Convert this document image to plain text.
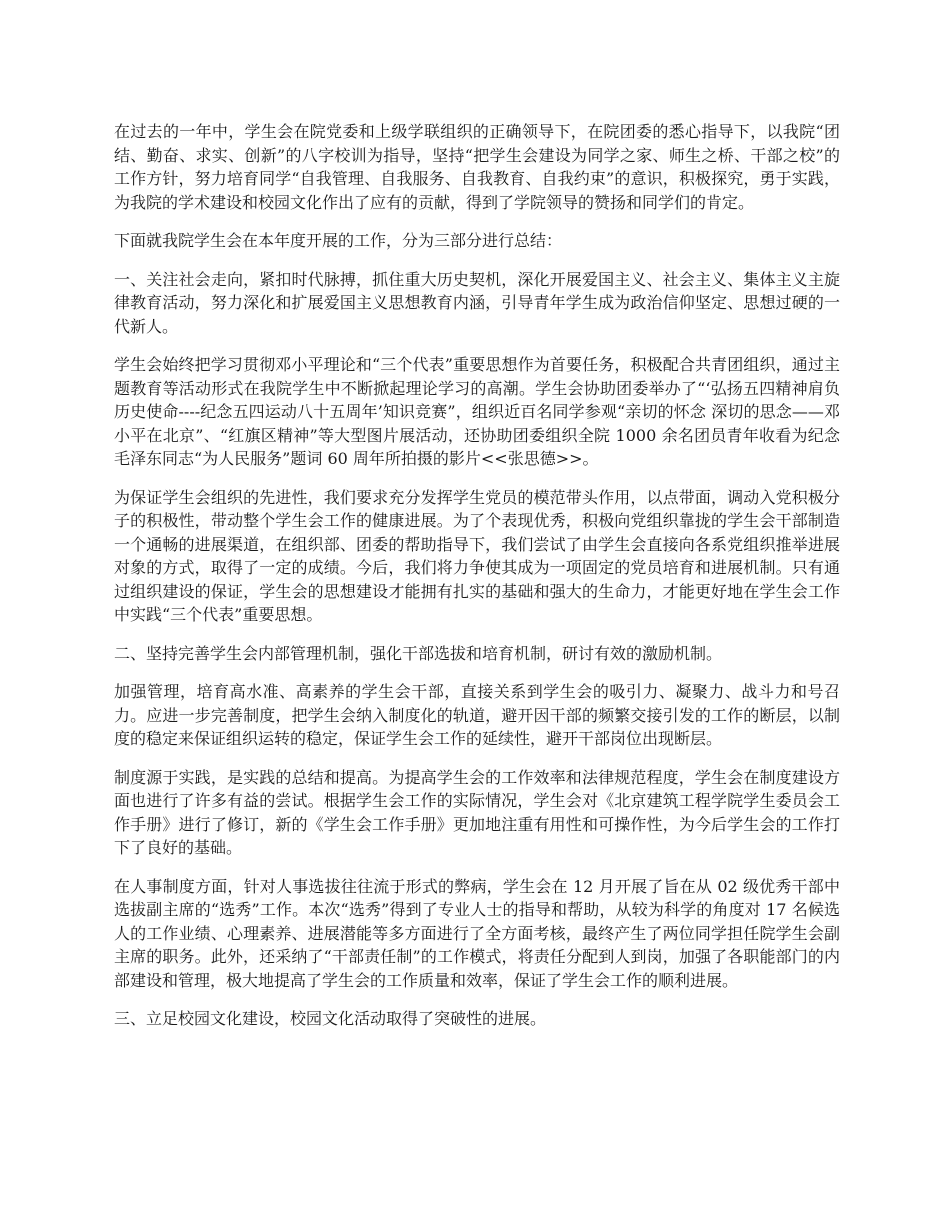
在过去的一年中，学生会在院党委和上级学联组织的正确领导下，在院团委的悉心指导下，以我院“团结、勤奋、求实、创新”的八字校训为指导，坚持“把学生会建设为同学之家、师生之桥、干部之校”的工作方针，努力培育同学“自我管理、自我服务、自我教育、自我约束”的意识，积极探究，勇于实践，为我院的学术建设和校园文化作出了应有的贡献，得到了学院领导的赞扬和同学们的肯定。

下面就我院学生会在本年度开展的工作，分为三部分进行总结：

一、关注社会走向，紧扣时代脉搏，抓住重大历史契机，深化开展爱国主义、社会主义、集体主义主旋律教育活动，努力深化和扩展爱国主义思想教育内涵，引导青年学生成为政治信仰坚定、思想过硬的一代新人。

学生会始终把学习贯彻邓小平理论和“三个代表”重要思想作为首要任务，积极配合共青团组织，通过主题教育等活动形式在我院学生中不断掀起理论学习的高潮。学生会协助团委举办了“‘弘扬五四精神肩负历史使命----纪念五四运动八十五周年’知识竞赛”，组织近百名同学参观“亲切的怀念 深切的思念——邓小平在北京”、“红旗区精神”等大型图片展活动，还协助团委组织全院 1000 余名团员青年收看为纪念毛泽东同志“为人民服务”题词 60 周年所拍摄的影片<<张思德>>。

为保证学生会组织的先进性，我们要求充分发挥学生党员的模范带头作用，以点带面，调动入党积极分子的积极性，带动整个学生会工作的健康进展。为了个表现优秀，积极向党组织靠拢的学生会干部制造一个通畅的进展渠道，在组织部、团委的帮助指导下，我们尝试了由学生会直接向各系党组织推举进展对象的方式，取得了一定的成绩。今后，我们将力争使其成为一项固定的党员培育和进展机制。只有通过组织建设的保证，学生会的思想建设才能拥有扎实的基础和强大的生命力，才能更好地在学生会工作中实践“三个代表”重要思想。

二、坚持完善学生会内部管理机制，强化干部选拔和培育机制，研讨有效的激励机制。

加强管理，培育高水准、高素养的学生会干部，直接关系到学生会的吸引力、凝聚力、战斗力和号召力。应进一步完善制度，把学生会纳入制度化的轨道，避开因干部的频繁交接引发的工作的断层，以制度的稳定来保证组织运转的稳定，保证学生会工作的延续性，避开干部岗位出现断层。

制度源于实践，是实践的总结和提高。为提高学生会的工作效率和法律规范程度，学生会在制度建设方面也进行了许多有益的尝试。根据学生会工作的实际情况，学生会对《北京建筑工程学院学生委员会工作手册》进行了修订，新的《学生会工作手册》更加地注重有用性和可操作性，为今后学生会的工作打下了良好的基础。

在人事制度方面，针对人事选拔往往流于形式的弊病，学生会在 12 月开展了旨在从 02 级优秀干部中选拔副主席的“选秀”工作。本次“选秀”得到了专业人士的指导和帮助，从较为科学的角度对 17 名候选人的工作业绩、心理素养、进展潜能等多方面进行了全方面考核，最终产生了两位同学担任院学生会副主席的职务。此外，还采纳了“干部责任制”的工作模式，将责任分配到人到岗，加强了各职能部门的内部建设和管理，极大地提高了学生会的工作质量和效率，保证了学生会工作的顺利进展。

三、立足校园文化建设，校园文化活动取得了突破性的进展。
